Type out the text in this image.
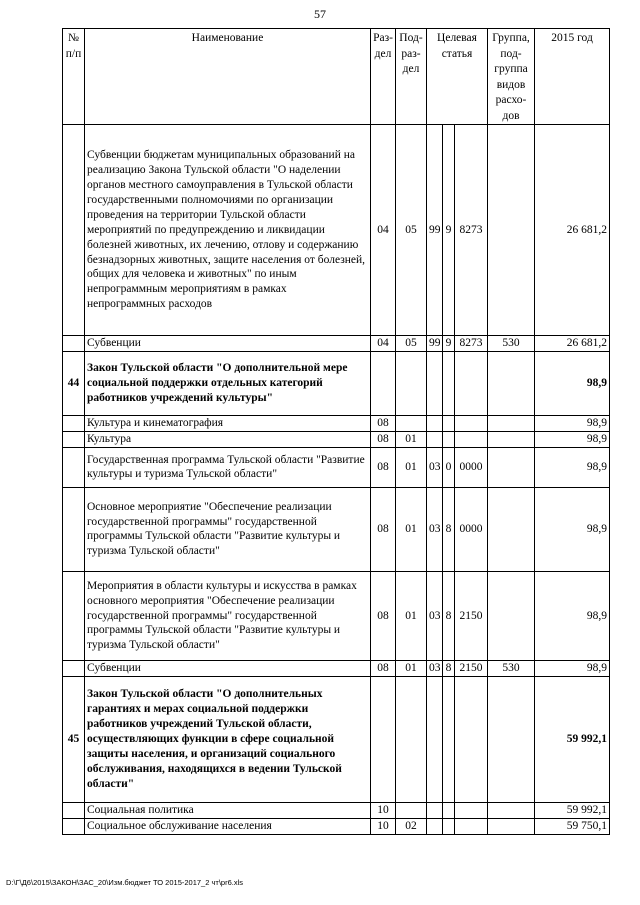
57
№ п/п	Наименование	Раз-дел	Под-раз-дел	Целевая статья			Группа, под-группа видов расхо-дов	2015 год
	Субвенции бюджетам муниципальных образований на реализацию Закона Тульской области "О наделении органов местного самоуправления в Тульской области государственными полномочиями по организации проведения на территории Тульской области мероприятий по предупреждению и ликвидации болезней животных, их лечению, отлову и содержанию безнадзорных животных, защите населения от болезней, общих для человека и животных" по иным непрограммным мероприятиям в рамках непрограммных расходов	04	05	99	9	8273		26 681,2
	Субвенции	04	05	99	9	8273	530	26 681,2
44	Закон Тульской области "О дополнительной мере социальной поддержки отдельных категорий работников учреждений культуры"							98,9
	Культура и кинематография	08						98,9
	Культура	08	01					98,9
	Государственная программа Тульской области "Развитие культуры и туризма Тульской области"	08	01	03	0	0000		98,9
	Основное мероприятие "Обеспечение реализации государственной программы" государственной программы Тульской области "Развитие культуры и туризма Тульской области"	08	01	03	8	0000		98,9
	Мероприятия в области культуры и искусства в рамках основного мероприятия "Обеспечение реализации государственной программы" государственной программы Тульской области "Развитие культуры и туризма Тульской области"	08	01	03	8	2150		98,9
	Субвенции	08	01	03	8	2150	530	98,9
45	Закон Тульской области "О дополнительных гарантиях и мерах социальной поддержки работников учреждений Тульской области, осуществляющих функции в сфере социальной защиты населения, и организаций социального обслуживания, находящихся в ведении Тульской области"							59 992,1
	Социальная политика	10						59 992,1
	Социальное обслуживание населения	10	02					59 750,1
D:\Г\Д6\2015\ЗАКОН\ЗАС_20\Изм.бюджет ТО 2015-2017_2 чт\pr6.xls
